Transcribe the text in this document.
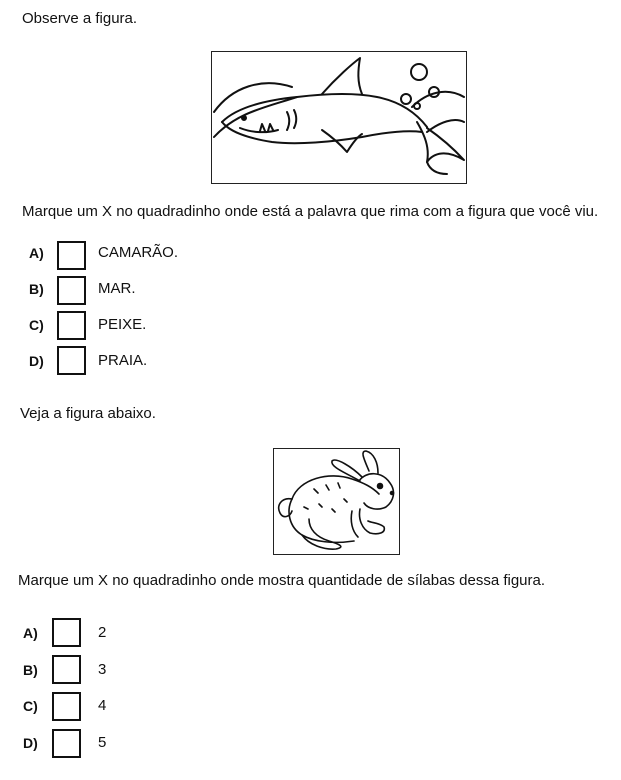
Observe a figura.
Marque um X no quadradinho onde está a palavra que rima com a figura que você viu.
A)	CAMARÃO.
B)	MAR.
C)	PEIXE.
D)	PRAIA.
Veja a figura abaixo.
Marque um X no quadradinho onde mostra quantidade de sílabas dessa figura.
A)	2
B)	3
C)	4
D)	5
